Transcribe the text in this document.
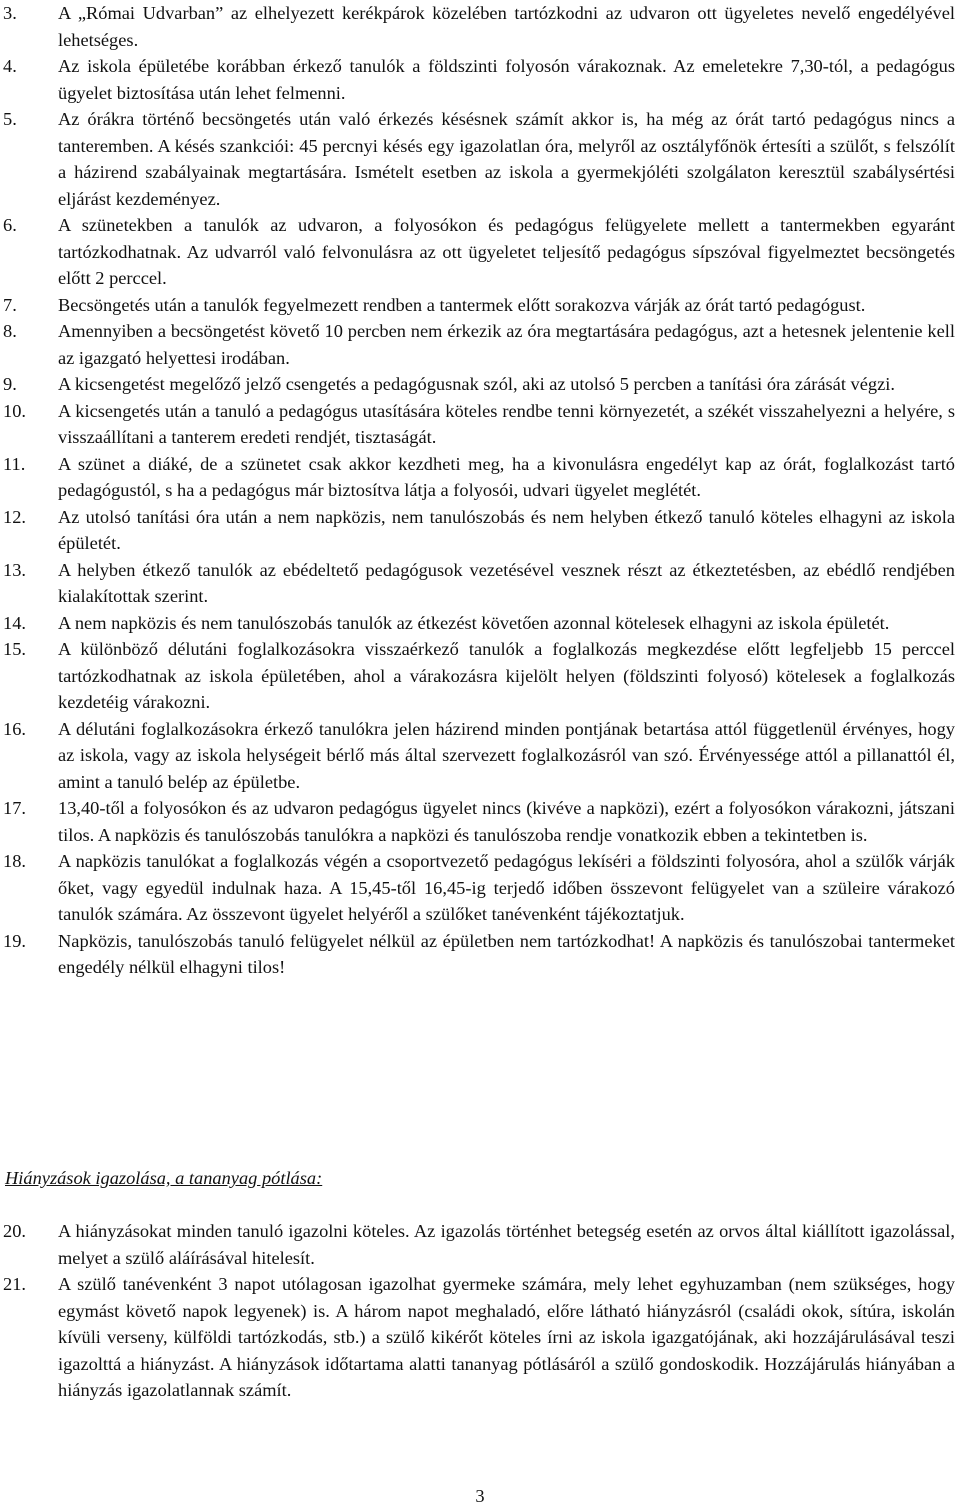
3.	A „Római Udvarban” az elhelyezett kerékpárok közelében tartózkodni az udvaron ott ügyeletes nevelő engedélyével lehetséges.
4.	Az iskola épületébe korábban érkező tanulók a földszinti folyosón várakoznak. Az emeletekre 7,30-tól, a pedagógus ügyelet biztosítása után lehet felmenni.
5.	Az órákra történő becsöngetés után való érkezés késésnek számít akkor is, ha még az órát tartó pedagógus nincs a tanteremben. A késés szankciói: 45 percnyi késés egy igazolatlan óra, melyről az osztályfőnök értesíti a szülőt, s felszólít a házirend szabályainak megtartására. Ismételt esetben az iskola a gyermekjóléti szolgálaton keresztül szabálysértési eljárást kezdeményez.
6.	A szünetekben a tanulók az udvaron, a folyosókon és pedagógus felügyelete mellett a tantermekben egyaránt tartózkodhatnak. Az udvarról való felvonulásra az ott ügyeletet teljesítő pedagógus sípszóval figyelmeztet becsöngetés előtt 2 perccel.
7.	Becsöngetés után a tanulók fegyelmezett rendben a tantermek előtt sorakozva várják az órát tartó pedagógust.
8.	Amennyiben a becsöngetést követő 10 percben nem érkezik az óra megtartására pedagógus, azt a hetesnek jelentenie kell az igazgató helyettesi irodában.
9.	A kicsengetést megelőző jelző csengetés a pedagógusnak szól, aki az utolsó 5 percben a tanítási óra zárását végzi.
10.	A kicsengetés után a tanuló a pedagógus utasítására köteles rendbe tenni környezetét, a székét visszahelyezni a helyére, s visszaállítani a tanterem eredeti rendjét, tisztaságát.
11.	A szünet a diáké, de a szünetet csak akkor kezdheti meg, ha a kivonulásra engedélyt kap az órát, foglalkozást tartó pedagógustól, s ha a pedagógus már biztosítva látja a folyosói, udvari ügyelet meglétét.
12.	Az utolsó tanítási óra után a nem napközis, nem tanulószobás és nem helyben étkező tanuló köteles elhagyni az iskola épületét.
13.	A helyben étkező tanulók az ebédeltető pedagógusok vezetésével vesznek részt az étkeztetésben, az ebédlő rendjében kialakítottak szerint.
14.	A nem napközis és nem tanulószobás tanulók az étkezést követően azonnal kötelesek elhagyni az iskola épületét.
15.	A különböző délutáni foglalkozásokra visszaérkező tanulók a foglalkozás megkezdése előtt legfeljebb 15 perccel tartózkodhatnak az iskola épületében, ahol a várakozásra kijelölt helyen (földszinti folyosó) kötelesek a foglalkozás kezdetéig várakozni.
16.	A délutáni foglalkozásokra érkező tanulókra jelen házirend minden pontjának betartása attól függetlenül érvényes, hogy az iskola, vagy az iskola helységeit bérlő más által szervezett foglalkozásról van szó. Érvényessége attól a pillanattól él, amint a tanuló belép az épületbe.
17.	13,40-től a folyosókon és az udvaron pedagógus ügyelet nincs (kivéve a napközi), ezért a folyosókon várakozni, játszani tilos. A napközis és tanulószobás tanulókra a napközi és tanulószoba rendje vonatkozik ebben a tekintetben is.
18.	A napközis tanulókat a foglalkozás végén a csoportvezető pedagógus lekíséri a földszinti folyosóra, ahol a szülők várják őket, vagy egyedül indulnak haza. A 15,45-től 16,45-ig terjedő időben összevont felügyelet van a szüleire várakozó tanulók számára. Az összevont ügyelet helyéről a szülőket tanévenként tájékoztatjuk.
19.	Napközis, tanulószobás tanuló felügyelet nélkül az épületben nem tartózkodhat! A napközis és tanulószobai tantermeket engedély nélkül elhagyni tilos!
Hiányzások igazolása, a tananyag pótlása:
20.	A hiányzásokat minden tanuló igazolni köteles. Az igazolás történhet betegség esetén az orvos által kiállított igazolással, melyet a szülő aláírásával hitelesít.
21.	A szülő tanévenként 3 napot utólagosan igazolhat gyermeke számára, mely lehet egyhuzamban (nem szükséges, hogy egymást követő napok legyenek) is. A három napot meghaladó, előre látható hiányzásról (családi okok, sítúra, iskolán kívüli verseny, külföldi tartózkodás, stb.) a szülő kikérőt köteles írni az iskola igazgatójának, aki hozzájárulásával teszi igazolttá a hiányzást. A hiányzások időtartama alatti tananyag pótlásáról a szülő gondoskodik. Hozzájárulás hiányában a hiányzás igazolatlannak számít.
3
